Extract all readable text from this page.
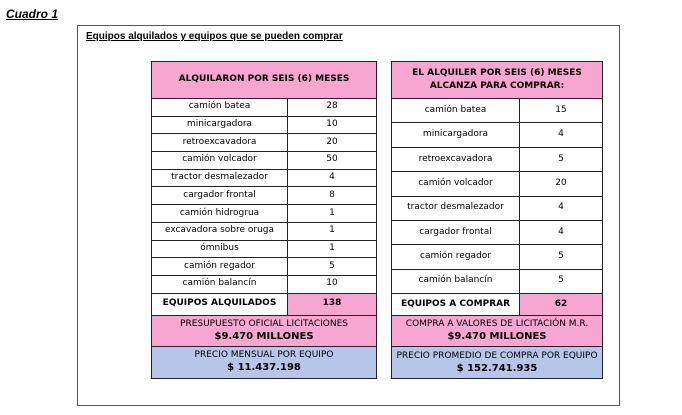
Cuadro 1
Equipos alquilados y equipos que se pueden comprar
ALQUILARON POR SEIS (6) MESES	
camión batea	28
minicargadora	10
retroexcavadora	20
camión volcador	50
tractor desmalezador	4
cargador frontal	8
camión hidrogrua	1
excavadora sobre oruga	1
ómnibus	1
camión regador	5
camión balancín	10
EQUIPOS ALQUILADOS	138
PRESUPUESTO OFICIAL LICITACIONES
$9.470 MILLONES	

PRECIO MENSUAL POR EQUIPO
$ 11.437.198	
EL ALQUILER POR SEIS (6) MESES ALCANZA PARA COMPRAR:	
camión batea	15
minicargadora	4
retroexcavadora	5
camión volcador	20
tractor desmalezador	4
cargador frontal	4
camión regador	5
camión balancín	5
EQUIPOS A COMPRAR	62
COMPRA A VALORES DE LICITACIÓN M.R.
$9.470 MILLONES	

PRECIO PROMEDIO DE COMPRA POR EQUIPO
$ 152.741.935	
